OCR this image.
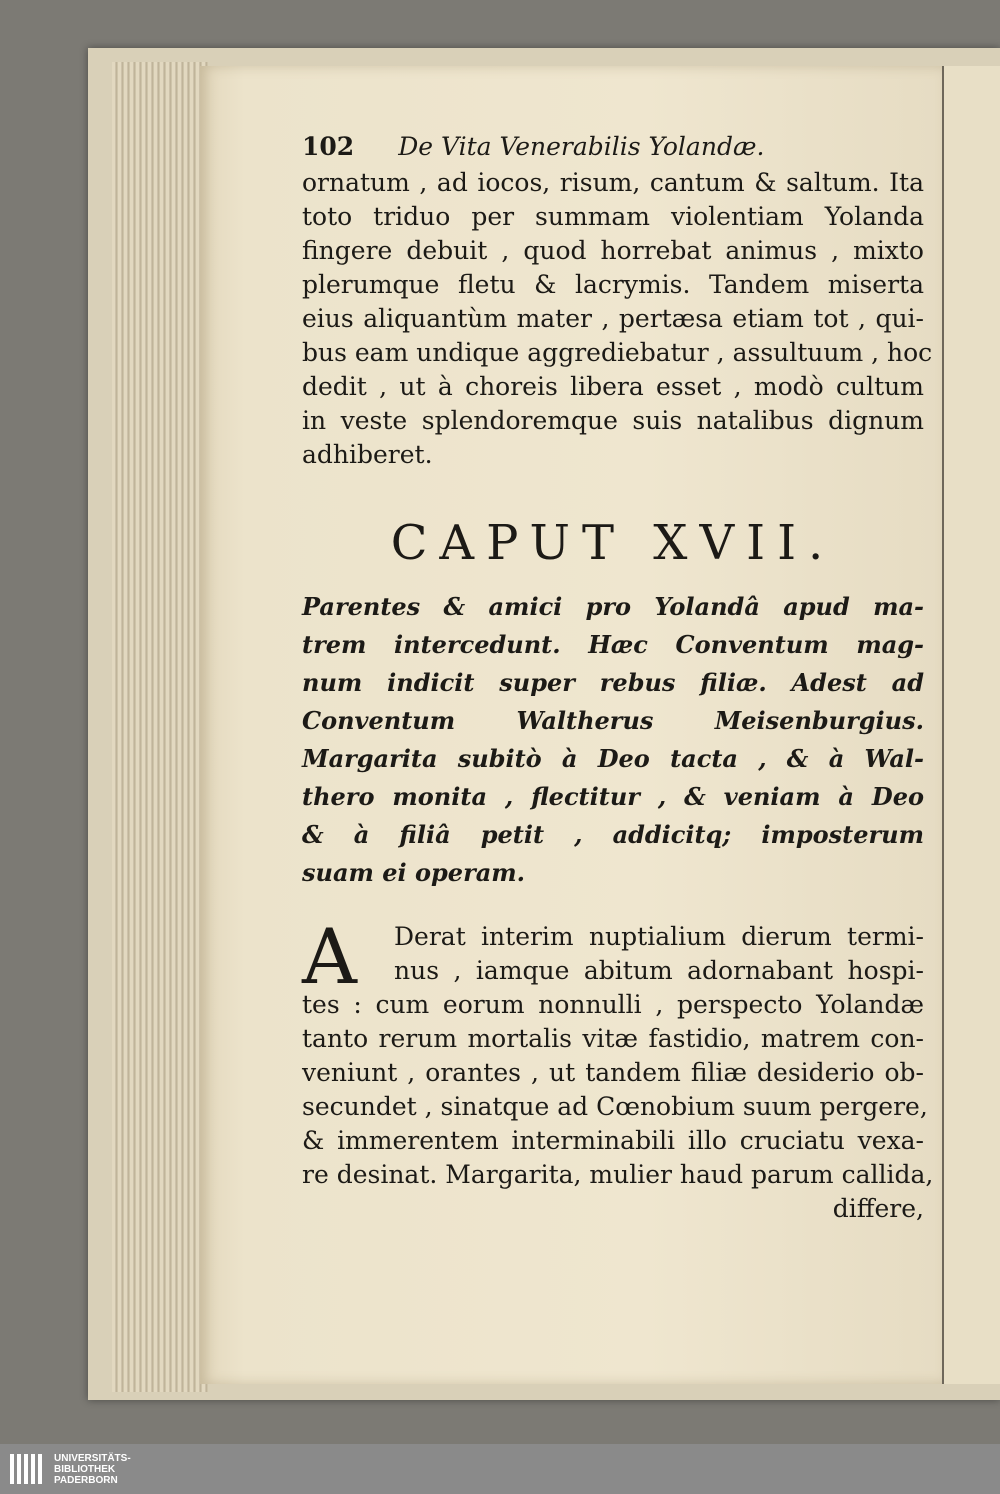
102 De Vita Venerabilis Yolandæ.
ornatum , ad iocos, risum, cantum & saltum. Ita
toto triduo per summam violentiam Yolanda
fingere debuit , quod horrebat animus , mixto
plerumque fletu & lacrymis. Tandem miserta
eius aliquantùm mater , pertæsa etiam tot , qui-
bus eam undique aggrediebatur , assultuum , hoc
dedit , ut à choreis libera esset , modò cultum
in veste splendoremque suis natalibus dignum
adhiberet.
CAPUT XVII.
Parentes & amici pro Yolandâ apud ma-
trem intercedunt. Hæc Conventum mag-
num indicit super rebus filiæ. Adest ad
Conventum Waltherus Meisenburgius.
Margarita subitò à Deo tacta , & à Wal-
thero monita , flectitur , & veniam à Deo
& à filiâ petit , addicitq; imposterum
suam ei operam.
A	Derat interim nuptialium dierum termi-
nus , iamque abitum adornabant hospi-
tes : cum eorum nonnulli , perspecto Yolandæ
tanto rerum mortalis vitæ fastidio, matrem con-
veniunt , orantes , ut tandem filiæ desiderio ob-
secundet , sinatque ad Cœnobium suum pergere,
& immerentem interminabili illo cruciatu vexa-
re desinat. Margarita, mulier haud parum callida,
differe,
UNIVERSITÄTS-
BIBLIOTHEK
PADERBORN
